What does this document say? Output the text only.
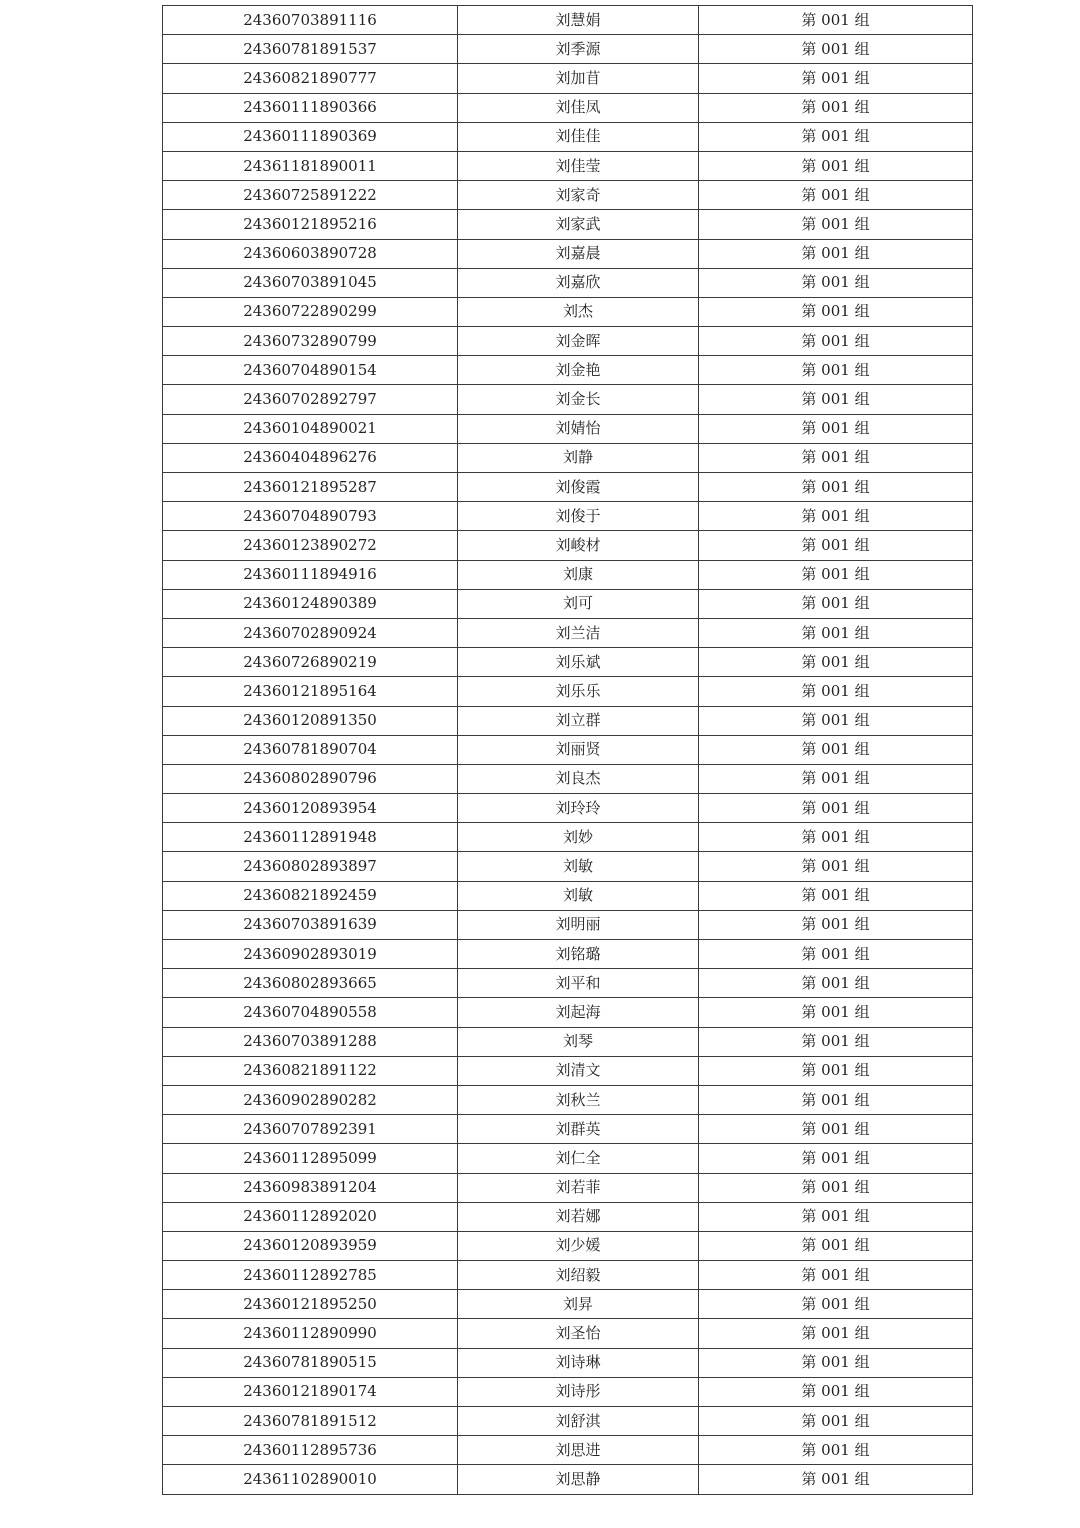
24360703891116	刘慧娟	第 001 组
24360781891537	刘季源	第 001 组
24360821890777	刘加苜	第 001 组
24360111890366	刘佳凤	第 001 组
24360111890369	刘佳佳	第 001 组
24361181890011	刘佳莹	第 001 组
24360725891222	刘家奇	第 001 组
24360121895216	刘家武	第 001 组
24360603890728	刘嘉晨	第 001 组
24360703891045	刘嘉欣	第 001 组
24360722890299	刘杰	第 001 组
24360732890799	刘金晖	第 001 组
24360704890154	刘金艳	第 001 组
24360702892797	刘金长	第 001 组
24360104890021	刘婧怡	第 001 组
24360404896276	刘静	第 001 组
24360121895287	刘俊霞	第 001 组
24360704890793	刘俊于	第 001 组
24360123890272	刘峻材	第 001 组
24360111894916	刘康	第 001 组
24360124890389	刘可	第 001 组
24360702890924	刘兰洁	第 001 组
24360726890219	刘乐斌	第 001 组
24360121895164	刘乐乐	第 001 组
24360120891350	刘立群	第 001 组
24360781890704	刘丽贤	第 001 组
24360802890796	刘良杰	第 001 组
24360120893954	刘玲玲	第 001 组
24360112891948	刘妙	第 001 组
24360802893897	刘敏	第 001 组
24360821892459	刘敏	第 001 组
24360703891639	刘明丽	第 001 组
24360902893019	刘铭璐	第 001 组
24360802893665	刘平和	第 001 组
24360704890558	刘起海	第 001 组
24360703891288	刘琴	第 001 组
24360821891122	刘清文	第 001 组
24360902890282	刘秋兰	第 001 组
24360707892391	刘群英	第 001 组
24360112895099	刘仁全	第 001 组
24360983891204	刘若菲	第 001 组
24360112892020	刘若娜	第 001 组
24360120893959	刘少媛	第 001 组
24360112892785	刘绍毅	第 001 组
24360121895250	刘昇	第 001 组
24360112890990	刘圣怡	第 001 组
24360781890515	刘诗琳	第 001 组
24360121890174	刘诗彤	第 001 组
24360781891512	刘舒淇	第 001 组
24360112895736	刘思进	第 001 组
24361102890010	刘思静	第 001 组
